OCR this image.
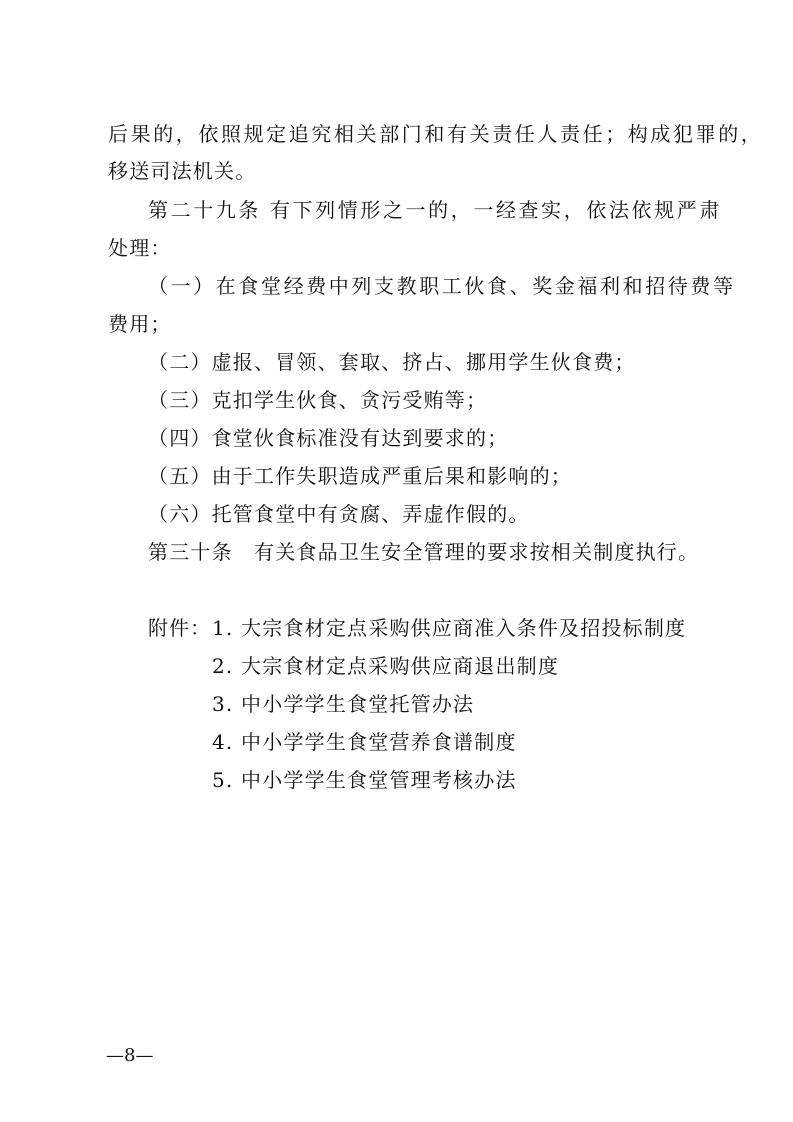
后果的，依照规定追究相关部门和有关责任人责任；构成犯罪的，
移送司法机关。
第二十九条 有下列情形之一的，一经查实，依法依规严肃
处理：
（一）在食堂经费中列支教职工伙食、奖金福利和招待费等
费用；
（二）虚报、冒领、套取、挤占、挪用学生伙食费；
（三）克扣学生伙食、贪污受贿等；
（四）食堂伙食标准没有达到要求的；
（五）由于工作失职造成严重后果和影响的；
（六）托管食堂中有贪腐、弄虚作假的。
第三十条　有关食品卫生安全管理的要求按相关制度执行。
附件： 1. 大宗食材定点采购供应商准入条件及招投标制度
2. 大宗食材定点采购供应商退出制度
3. 中小学学生食堂托管办法
4. 中小学学生食堂营养食谱制度
5. 中小学学生食堂管理考核办法
—8—
